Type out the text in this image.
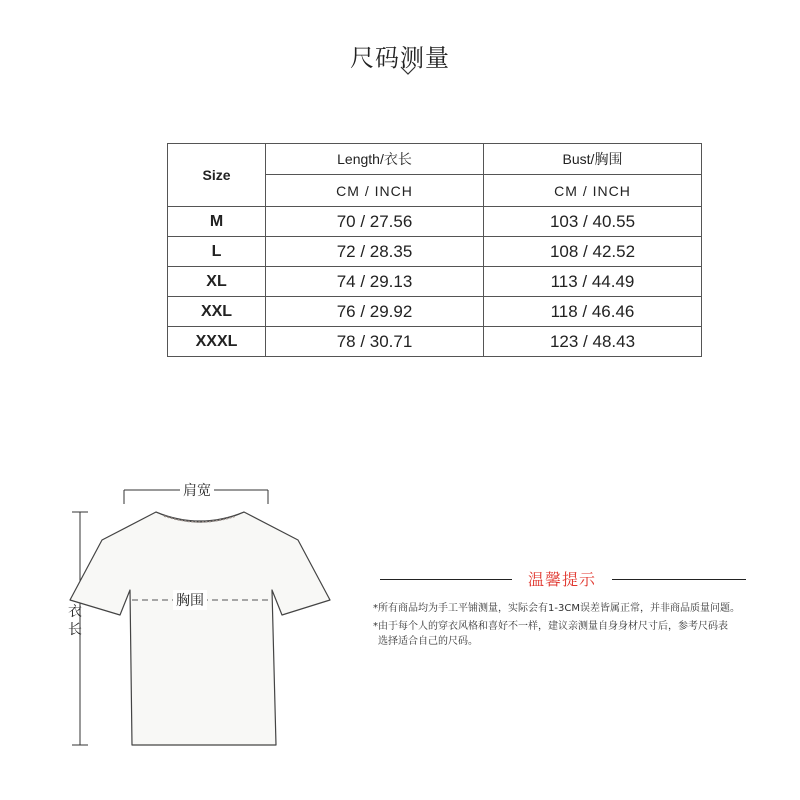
尺码测量
Size	Length/衣长	Bust/胸围
	CM / INCH	CM / INCH
M	70 / 27.56	103 / 40.55
L	72 / 28.35	108 / 42.52
XL	74 / 29.13	113 / 44.49
XXL	76 / 29.92	118 / 46.46
XXXL	78 / 30.71	123 / 48.43
肩宽
胸围
衣长
温馨提示

*所有商品均为手工平铺测量，实际会有1-3CM误差皆属正常，并非商品质量问题。

*由于每个人的穿衣风格和喜好不一样，建议亲测量自身身材尺寸后，参考尺码表
选择适合自己的尺码。
